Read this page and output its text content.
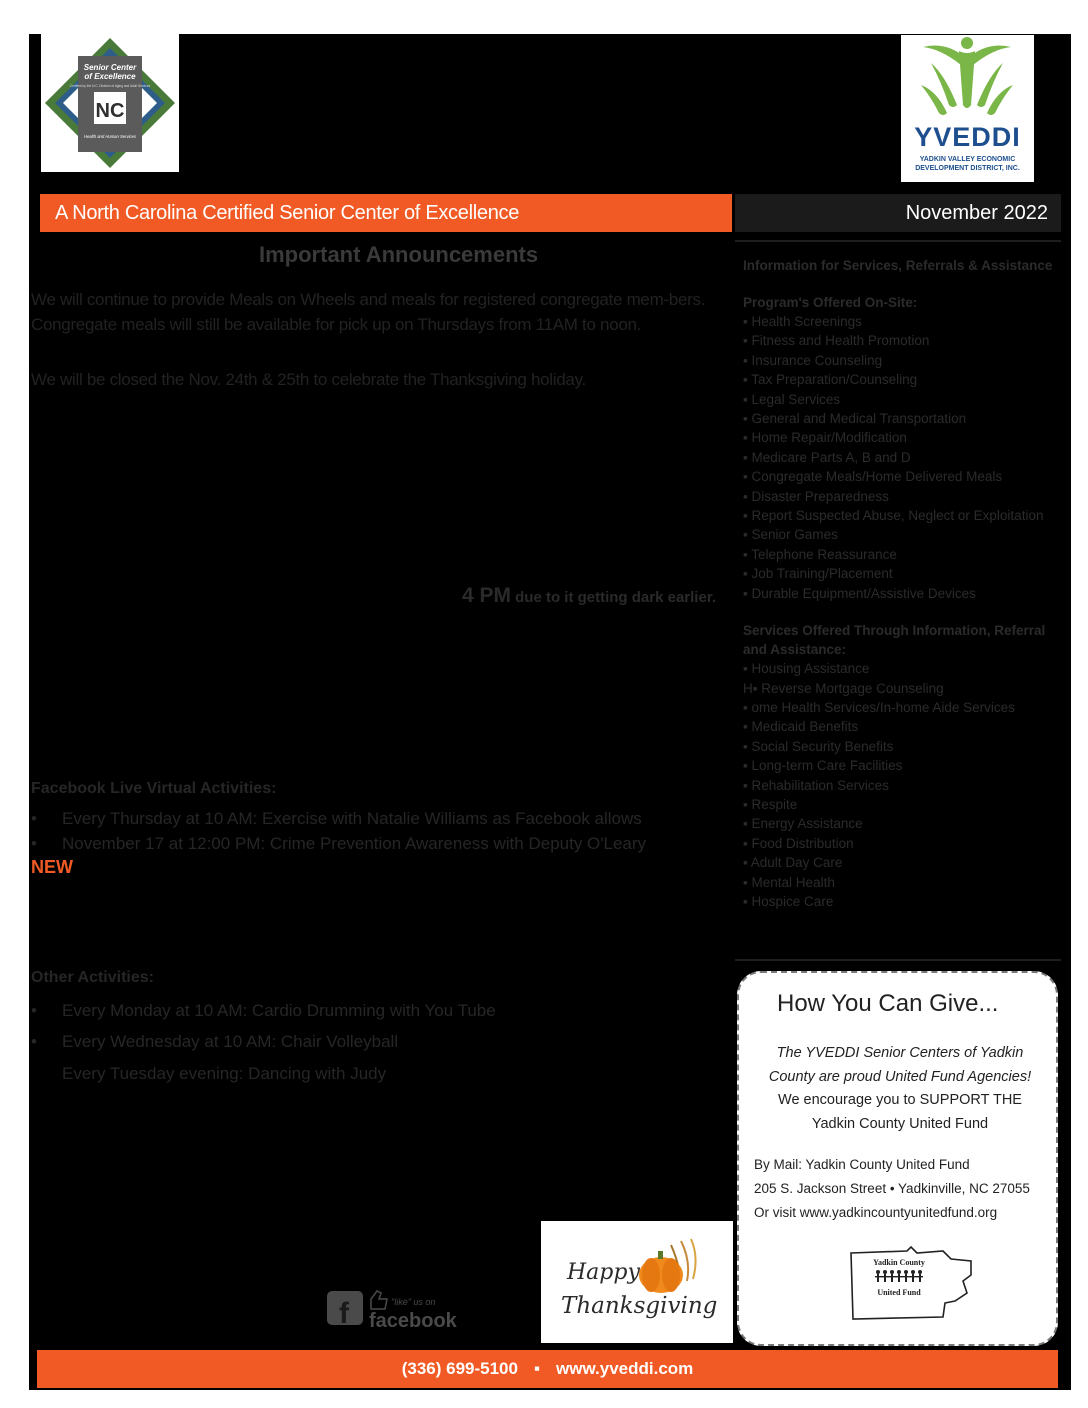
Senior Center
of Excellence
Certified by the N.C. Division of Aging and Adult Services
NC
Health and Human Services	YVEDDI
YADKIN VALLEY ECONOMIC DEVELOPMENT DISTRICT, INC.
A North Carolina Certified Senior Center of Excellence	November 2022
Important Announcements
We will continue to provide Meals on Wheels and meals for registered congregate mem-bers. Congregate meals will still be available for pick up on Thursdays from 11AM to noon.
We will be closed the Nov. 24th & 25th to celebrate the Thanksgiving holiday.
4 PM due to it getting dark earlier.
Facebook Live Virtual Activities:
• Every Thursday at 10 AM: Exercise with Natalie Williams as Facebook allows
• November 17 at 12:00 PM: Crime Prevention Awareness with Deputy O'Leary
NEW
Other Activities:
• Every Monday at 10 AM: Cardio Drumming with You Tube
• Every Wednesday at 10 AM: Chair Volleyball
Every Tuesday evening: Dancing with Judy
Information for Services, Referrals & Assistance
Program's Offered On-Site:
▪ Health Screenings
▪ Fitness and Health Promotion
▪ Insurance Counseling
▪ Tax Preparation/Counseling
▪ Legal Services
▪ General and Medical Transportation
▪ Home Repair/Modification
▪ Medicare Parts A, B and D
▪ Congregate Meals/Home Delivered Meals
▪ Disaster Preparedness
▪ Report Suspected Abuse, Neglect or Exploitation
▪ Senior Games
▪ Telephone Reassurance
▪ Job Training/Placement
▪ Durable Equipment/Assistive Devices
Services Offered Through Information, Referral and Assistance:
▪ Housing Assistance
H▪ Reverse Mortgage Counseling
▪ ome Health Services/In-home Aide Services
▪ Medicaid Benefits
▪ Social Security Benefits
▪ Long-term Care Facilities
▪ Rehabilitation Services
▪ Respite
▪ Energy Assistance
▪ Food Distribution
▪ Adult Day Care
▪ Mental Health
▪ Hospice Care
How You Can Give...
The YVEDDI Senior Centers of Yadkin
County are proud United Fund Agencies!
We encourage you to SUPPORT THE
Yadkin County United Fund
By Mail: Yadkin County United Fund
205 S. Jackson Street • Yadkinville, NC 27055
Or visit www.yadkincountyunitedfund.org
Yadkin County
United Fund
Happy
Thanksgiving
f	"like" us on
facebook
(336) 699-5100 ▪ www.yveddi.com
